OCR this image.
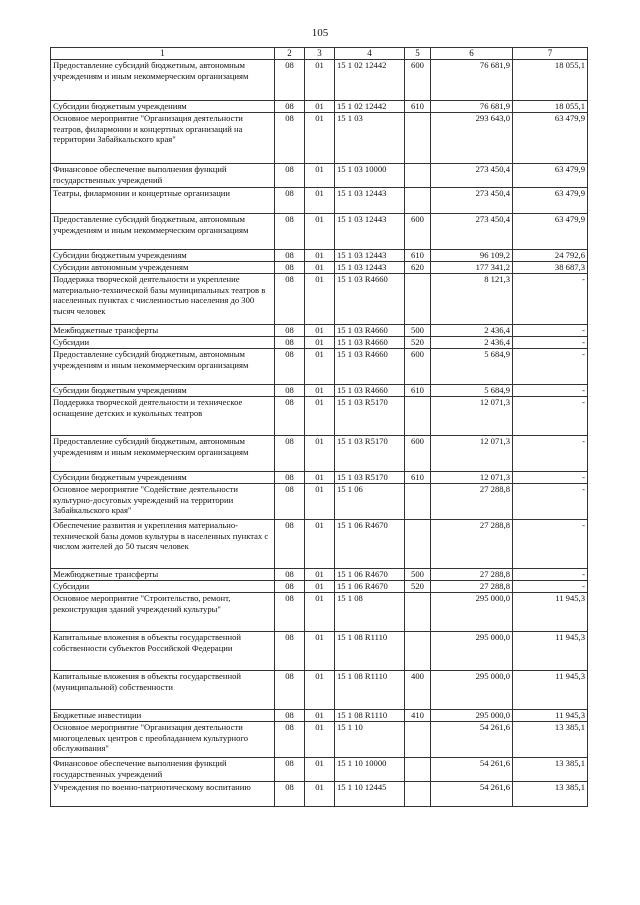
105
1	2	3	4	5	6	7

Предоставление субсидий бюджетным, автономным учреждениям и иным некоммерческим организациям	08	01	15 1 02 12442	600	76 681,9	18 055,1

Субсидии бюджетным учреждениям	08	01	15 1 02 12442	610	76 681,9	18 055,1

Основное мероприятие "Организация деятельности театров, филармонии и концертных организаций на территории Забайкальского края"	08	01	15 1 03		293 643,0	63 479,9

Финансовое обеспечение выполнения функций государственных учреждений	08	01	15 1 03 10000		273 450,4	63 479,9

Театры, филармонии и концертные организации	08	01	15 1 03 12443		273 450,4	63 479,9

Предоставление субсидий бюджетным, автономным учреждениям и иным некоммерческим организациям	08	01	15 1 03 12443	600	273 450,4	63 479,9

Субсидии бюджетным учреждениям	08	01	15 1 03 12443	610	96 109,2	24 792,6

Субсидии автономным учреждениям	08	01	15 1 03 12443	620	177 341,2	38 687,3

Поддержка творческой деятельности и укрепление материально-технической базы муниципальных театров в населенных пунктах с численностью населения до 300 тысяч человек	08	01	15 1 03 R4660		8 121,3	-

Межбюджетные трансферты	08	01	15 1 03 R4660	500	2 436,4	-

Субсидии	08	01	15 1 03 R4660	520	2 436,4	-

Предоставление субсидий бюджетным, автономным учреждениям и иным некоммерческим организациям	08	01	15 1 03 R4660	600	5 684,9	-

Субсидии бюджетным учреждениям	08	01	15 1 03 R4660	610	5 684,9	-

Поддержка творческой деятельности и техническое оснащение детских и кукольных театров	08	01	15 1 03 R5170		12 071,3	-

Предоставление субсидий бюджетным, автономным учреждениям и иным некоммерческим организациям	08	01	15 1 03 R5170	600	12 071,3	-

Субсидии бюджетным учреждениям	08	01	15 1 03 R5170	610	12 071,3	-

Основное мероприятие "Содействие деятельности культурно-досуговых учреждений на территории Забайкальского края"	08	01	15 1 06		27 288,8	-

Обеспечение развития и укрепления материально-технической базы домов культуры в населенных пунктах с числом жителей до 50 тысяч человек	08	01	15 1 06 R4670		27 288,8	-

Межбюджетные трансферты	08	01	15 1 06 R4670	500	27 288,8	-

Субсидии	08	01	15 1 06 R4670	520	27 288,8	-

Основное мероприятие "Строительство, ремонт, реконструкция зданий учреждений культуры"	08	01	15 1 08		295 000,0	11 945,3

Капитальные вложения в объекты государственной собственности субъектов Российской Федерации	08	01	15 1 08 R1110		295 000,0	11 945,3

Капитальные вложения в объекты государственной (муниципальной) собственности	08	01	15 1 08 R1110	400	295 000,0	11 945,3

Бюджетные инвестиции	08	01	15 1 08 R1110	410	295 000,0	11 945,3

Основное мероприятие "Организация деятельности многоцелевых центров с преобладанием культурного обслуживания"	08	01	15 1 10		54 261,6	13 385,1

Финансовое обеспечение выполнения функций государственных учреждений	08	01	15 1 10 10000		54 261,6	13 385,1

Учреждения по военно-патриотическому воспитанию	08	01	15 1 10 12445		54 261,6	13 385,1
